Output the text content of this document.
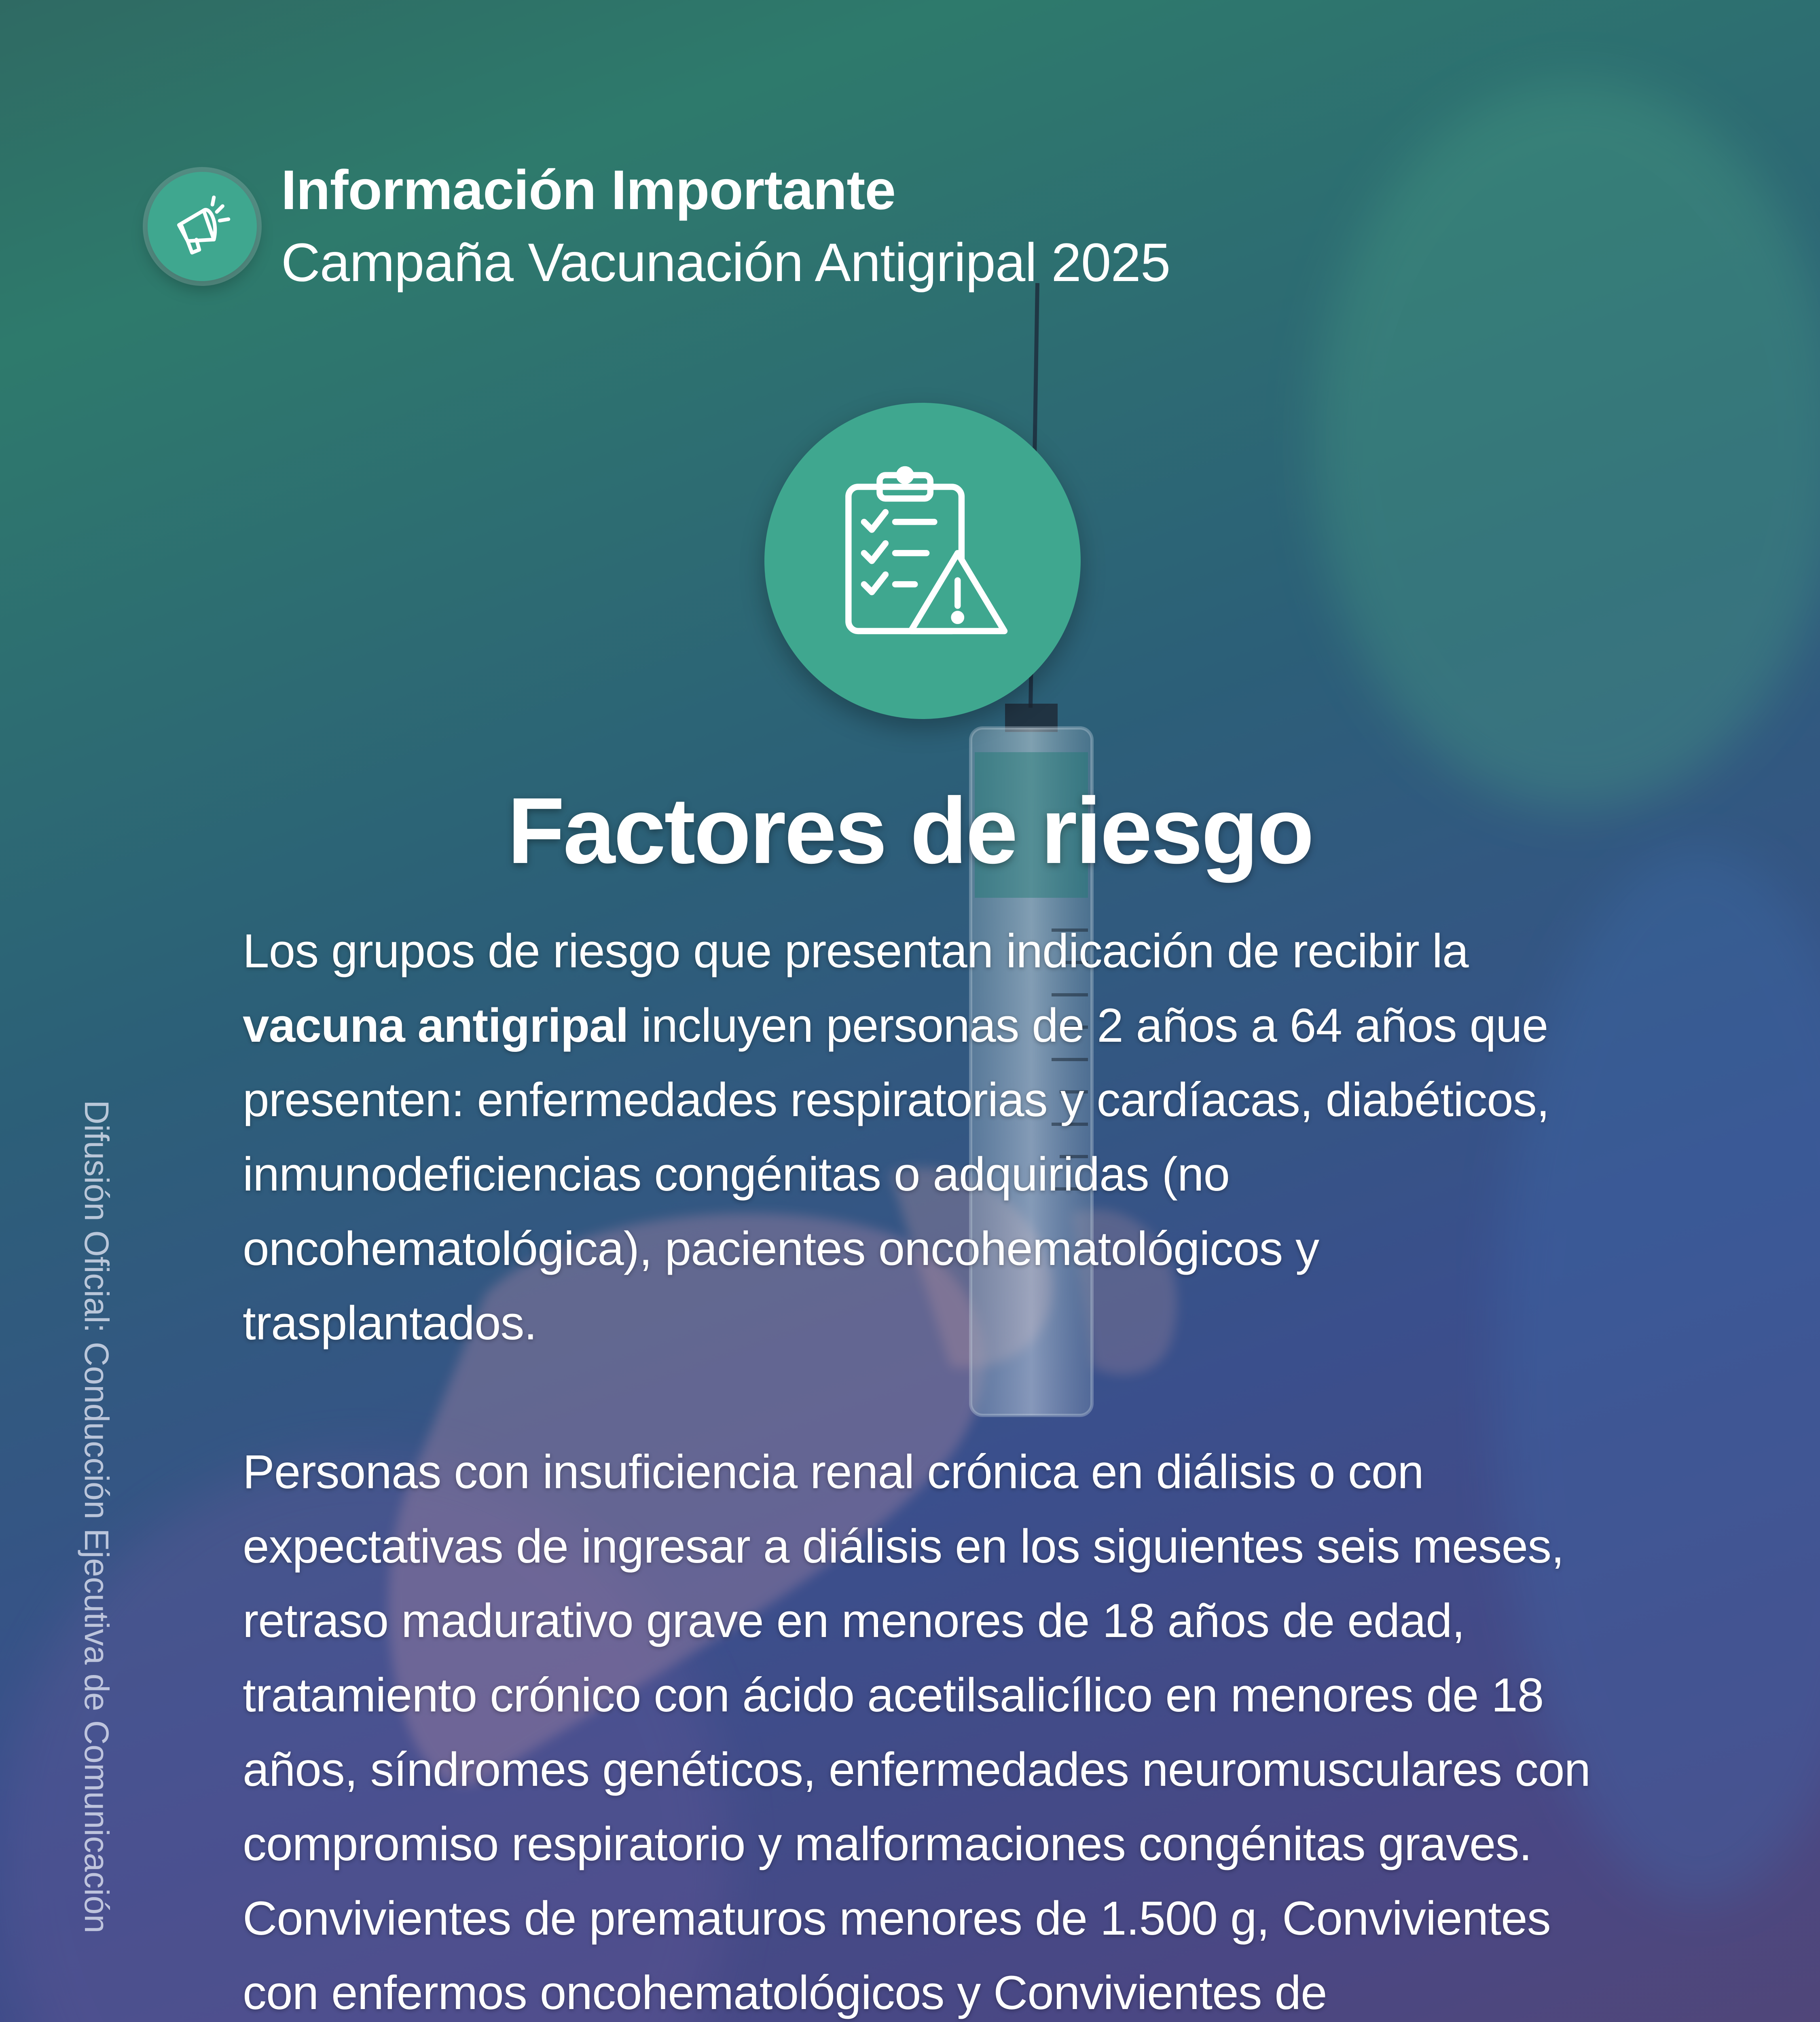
Información Importante
Campaña Vacunación Antigripal 2025
Factores de riesgo

Los grupos de riesgo que presentan indicación de recibir la vacuna antigripal incluyen personas de 2 años a 64 años que presenten: enfermedades respiratorias y cardíacas, diabéticos, inmunodeficiencias congénitas o adquiridas (no oncohematológica), pacientes oncohematológicos y trasplantados.

Personas con insuficiencia renal crónica en diálisis o con expectativas de ingresar a diálisis en los siguientes seis meses, retraso madurativo grave en menores de 18 años de edad, tratamiento crónico con ácido acetilsalicílico en menores de 18 años, síndromes genéticos, enfermedades neuromusculares con compromiso respiratorio y malformaciones congénitas graves. Convivientes de prematuros menores de 1.500 g, Convivientes con enfermos oncohematológicos y Convivientes de

Difusión Oficial: Conducción Ejecutiva de Comunicación
